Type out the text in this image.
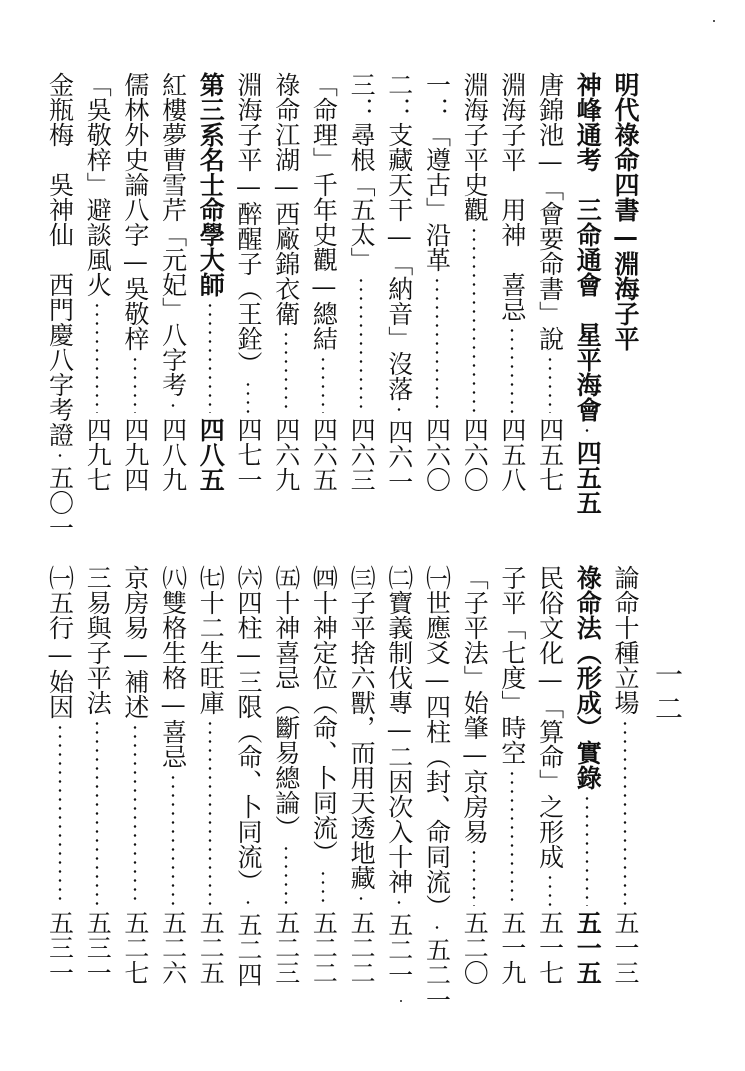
明代祿命四書—淵海子平
神峰通考　三命通會　星平海會
四五五
唐錦池—「會要命書」說
四五七
淵海子平　用神　喜忌
四五八
淵海子平史觀
四六〇
一：「遵古」沿革
四六〇
二：支藏天干—「納音」沒落
四六一
三：尋根「五太」
四六三
「命理」千年史觀—總結
四六五
祿命江湖—西廠錦衣衛
四六九
淵海子平—醉醒子（王銓）
四七一
第三系名士命學大師
四八五
紅樓夢曹雪芹「元妃」八字考
四八九
儒林外史論八字—吳敬梓
四九四
「吳敬梓」避談風火
四九七
金瓶梅　吳神仙　西門慶八字考證
五〇一
論命十種立場
五一三
祿命法（形成）實錄
五一五
民俗文化—「算命」之形成
五一七
子平「七度」時空
五一九
「子平法」始肇—京房易
五二〇
㈠世應爻—四柱（封、命同流）
五二一
㈡寶義制伐專—二因次入十神
五二一
㈢子平捨六獸，而用天透地藏
五二二
㈣十神定位（命、卜同流）
五二二
㈤十神喜忌（斷易總論）
五二三
㈥四柱—三限（命、卜同流）
五二四
㈦十二生旺庫
五二五
㈧雙格生格—喜忌
五二六
京房易—補述
五二七
三易與子平法
五三一
㈠五行—始因
五三一
一二
